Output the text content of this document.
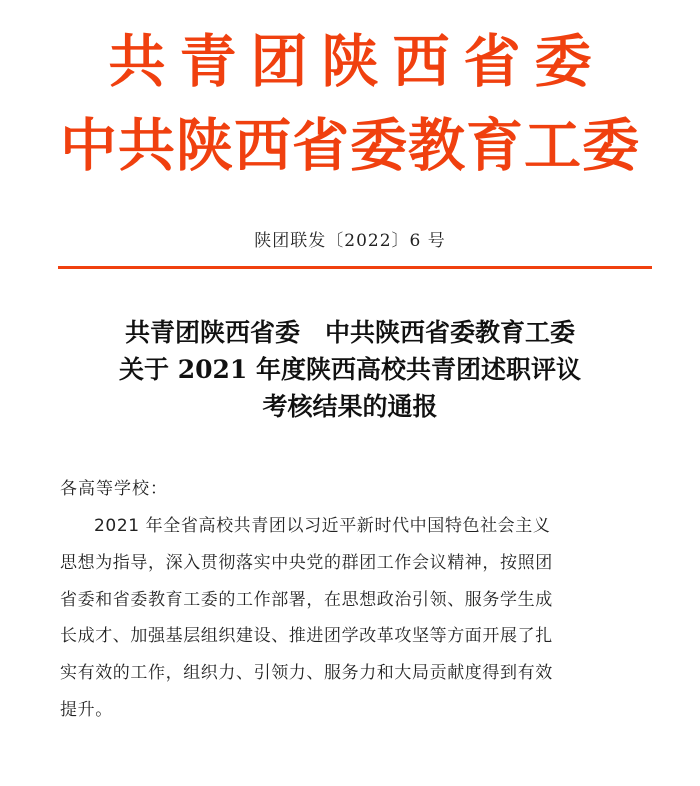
共青团陕西省委
中共陕西省委教育工委
陕团联发〔2022〕6 号
共青团陕西省委　中共陕西省委教育工委
关于 2021 年度陕西高校共青团述职评议
考核结果的通报
各高等学校：
2021 年全省高校共青团以习近平新时代中国特色社会主义
思想为指导，深入贯彻落实中央党的群团工作会议精神，按照团
省委和省委教育工委的工作部署，在思想政治引领、服务学生成
长成才、加强基层组织建设、推进团学改革攻坚等方面开展了扎
实有效的工作，组织力、引领力、服务力和大局贡献度得到有效
提升。
